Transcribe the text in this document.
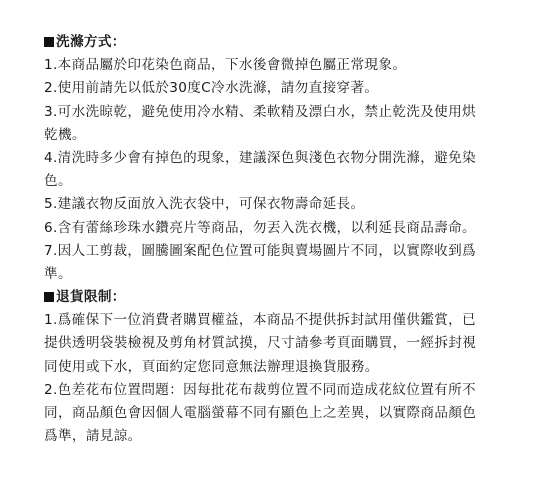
洗滌方式：
1.本商品屬於印花染色商品，下水後會微掉色屬正常現象。
2.使用前請先以低於30度C冷水洗滌，請勿直接穿著。
3.可水洗晾乾，避免使用冷水精、柔軟精及漂白水，禁止乾洗及使用烘
乾機。
4.清洗時多少會有掉色的現象，建議深色與淺色衣物分開洗滌，避免染
色。
5.建議衣物反面放入洗衣袋中，可保衣物壽命延長。
6.含有蕾絲珍珠水鑽亮片等商品，勿丟入洗衣機，以利延長商品壽命。
7.因人工剪裁，圖騰圖案配色位置可能與賣場圖片不同，以實際收到爲
準。
退貨限制：
1.爲確保下一位消費者購買權益，本商品不提供拆封試用僅供鑑賞，已
提供透明袋裝檢視及剪角材質試摸，尺寸請參考頁面購買，一經拆封視
同使用或下水，頁面約定您同意無法辦理退換貨服務。
2.色差花布位置問題：因每批花布裁剪位置不同而造成花紋位置有所不
同，商品顏色會因個人電腦螢幕不同有顯色上之差異，以實際商品顏色
爲準，請見諒。
